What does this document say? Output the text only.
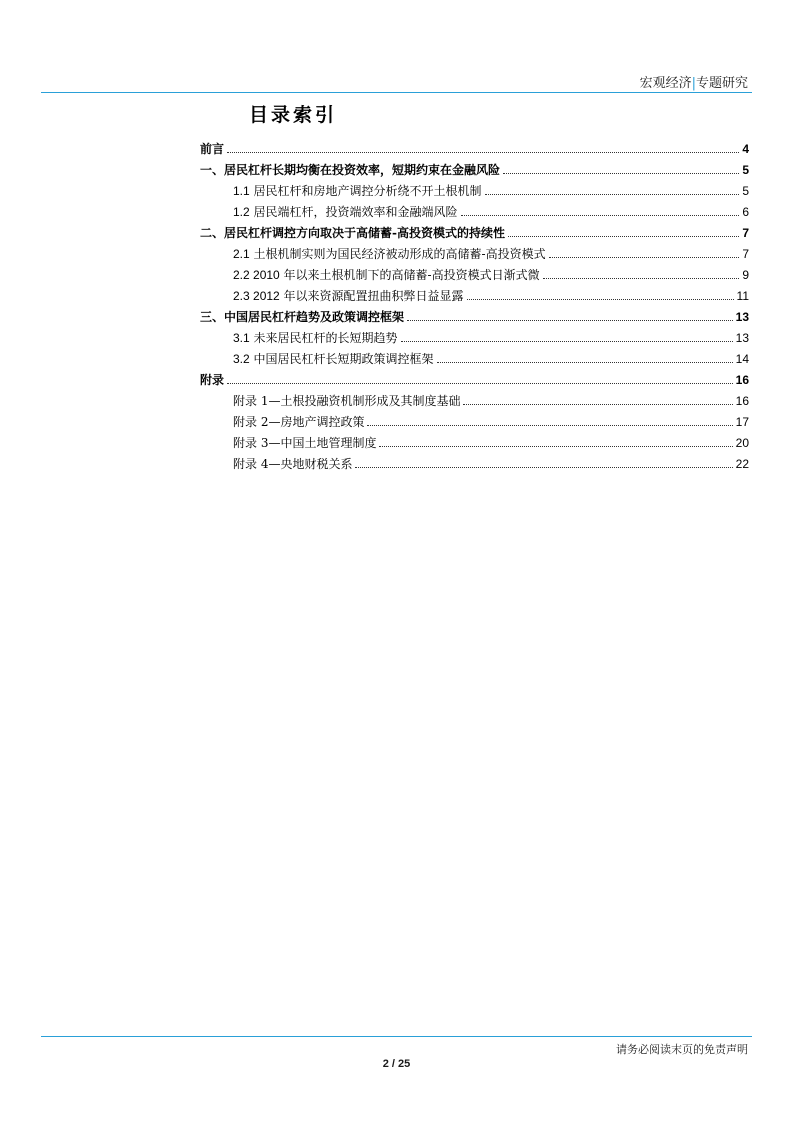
宏观经济|专题研究
目录索引
前言	4
一、居民杠杆长期均衡在投资效率，短期约束在金融风险	5
1.1 居民杠杆和房地产调控分析绕不开土根机制	5
1.2 居民端杠杆，投资端效率和金融端风险	6
二、居民杠杆调控方向取决于高储蓄-高投资模式的持续性	7
2.1 土根机制实则为国民经济被动形成的高储蓄-高投资模式	7
2.2 2010 年以来土根机制下的高储蓄-高投资模式日渐式微	9
2.3 2012 年以来资源配置扭曲积弊日益显露	11
三、中国居民杠杆趋势及政策调控框架	13
3.1 未来居民杠杆的长短期趋势	13
3.2 中国居民杠杆长短期政策调控框架	14
附录	16
附录 1—土根投融资机制形成及其制度基础	16
附录 2—房地产调控政策	17
附录 3—中国土地管理制度	20
附录 4—央地财税关系	22
请务必阅读末页的免责声明
2 / 25
